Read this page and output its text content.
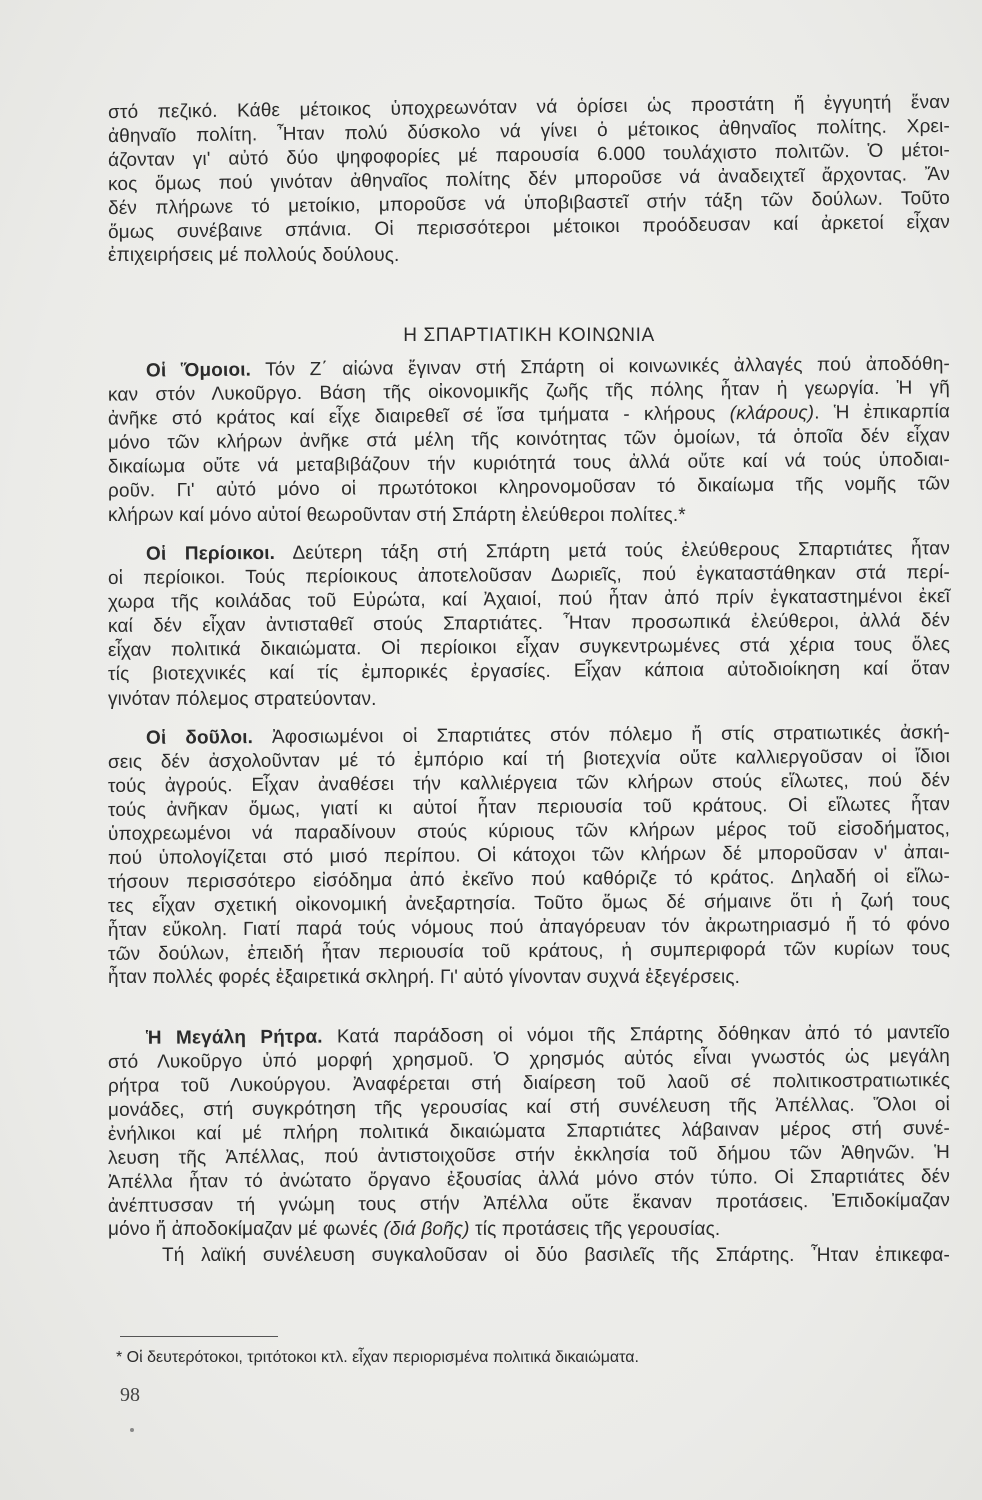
στό πεζικό. Κάθε μέτοικος ὑποχρεωνόταν νά ὁρίσει ὡς προστάτη ἤ ἐγγυητή ἕναν
ἀθηναῖο πολίτη. Ἦταν πολύ δύσκολο νά γίνει ὁ μέτοικος ἀθηναῖος πολίτης. Χρει-
άζονταν γι' αὐτό δύο ψηφοφορίες μέ παρουσία 6.000 τουλάχιστο πολιτῶν. Ὁ μέτοι-
κος ὅμως πού γινόταν ἀθηναῖος πολίτης δέν μποροῦσε νά ἀναδειχτεῖ ἄρχοντας. Ἄν
δέν πλήρωνε τό μετοίκιο, μποροῦσε νά ὑποβιβαστεῖ στήν τάξη τῶν δούλων. Τοῦτο
ὅμως συνέβαινε σπάνια. Οἱ περισσότεροι μέτοικοι προόδευσαν καί ἀρκετοί εἶχαν
ἐπιχειρήσεις μέ πολλούς δούλους.
Η ΣΠΑΡΤΙΑΤΙΚΗ ΚΟΙΝΩΝΙΑ
Οἱ Ὅμοιοι. Τόν Ζ΄ αἰώνα ἔγιναν στή Σπάρτη οἱ κοινωνικές ἀλλαγές πού ἀποδόθη-
καν στόν Λυκοῦργο. Βάση τῆς οἰκονομικῆς ζωῆς τῆς πόλης ἦταν ἡ γεωργία. Ἡ γῆ
ἀνῆκε στό κράτος καί εἶχε διαιρεθεῖ σέ ἴσα τμήματα - κλήρους (κλάρους). Ἡ ἐπικαρπία
μόνο τῶν κλήρων ἀνῆκε στά μέλη τῆς κοινότητας τῶν ὁμοίων, τά ὁποῖα δέν εἶχαν
δικαίωμα οὔτε νά μεταβιβάζουν τήν κυριότητά τους ἀλλά οὔτε καί νά τούς ὑποδιαι-
ροῦν. Γι' αὐτό μόνο οἱ πρωτότοκοι κληρονομοῦσαν τό δικαίωμα τῆς νομῆς τῶν
κλήρων καί μόνο αὐτοί θεωροῦνταν στή Σπάρτη ἐλεύθεροι πολίτες.*
Οἱ Περίοικοι. Δεύτερη τάξη στή Σπάρτη μετά τούς ἐλεύθερους Σπαρτιάτες ἦταν
οἱ περίοικοι. Τούς περίοικους ἀποτελοῦσαν Δωριεῖς, πού ἐγκαταστάθηκαν στά περί-
χωρα τῆς κοιλάδας τοῦ Εὐρώτα, καί Ἀχαιοί, πού ἦταν ἀπό πρίν ἐγκαταστημένοι ἐκεῖ
καί δέν εἶχαν ἀντισταθεῖ στούς Σπαρτιάτες. Ἦταν προσωπικά ἐλεύθεροι, ἀλλά δέν
εἶχαν πολιτικά δικαιώματα. Οἱ περίοικοι εἶχαν συγκεντρωμένες στά χέρια τους ὅλες
τίς βιοτεχνικές καί τίς ἐμπορικές ἐργασίες. Εἶχαν κάποια αὐτοδιοίκηση καί ὅταν
γινόταν πόλεμος στρατεύονταν.
Οἱ δοῦλοι. Ἀφοσιωμένοι οἱ Σπαρτιάτες στόν πόλεμο ἤ στίς στρατιωτικές ἀσκή-
σεις δέν ἀσχολοῦνταν μέ τό ἐμπόριο καί τή βιοτεχνία οὔτε καλλιεργοῦσαν οἱ ἴδιοι
τούς ἀγρούς. Εἶχαν ἀναθέσει τήν καλλιέργεια τῶν κλήρων στούς εἵλωτες, πού δέν
τούς ἀνῆκαν ὅμως, γιατί κι αὐτοί ἦταν περιουσία τοῦ κράτους. Οἱ εἵλωτες ἦταν
ὑποχρεωμένοι νά παραδίνουν στούς κύριους τῶν κλήρων μέρος τοῦ εἰσοδήματος,
πού ὑπολογίζεται στό μισό περίπου. Οἱ κάτοχοι τῶν κλήρων δέ μποροῦσαν ν' ἀπαι-
τήσουν περισσότερο εἰσόδημα ἀπό ἐκεῖνο πού καθόριζε τό κράτος. Δηλαδή οἱ εἵλω-
τες εἶχαν σχετική οἰκονομική ἀνεξαρτησία. Τοῦτο ὅμως δέ σήμαινε ὅτι ἡ ζωή τους
ἦταν εὔκολη. Γιατί παρά τούς νόμους πού ἀπαγόρευαν τόν ἀκρωτηριασμό ἤ τό φόνο
τῶν δούλων, ἐπειδή ἦταν περιουσία τοῦ κράτους, ἡ συμπεριφορά τῶν κυρίων τους
ἦταν πολλές φορές ἐξαιρετικά σκληρή. Γι' αὐτό γίνονταν συχνά ἐξεγέρσεις.
Ἡ Μεγάλη Ρήτρα. Κατά παράδοση οἱ νόμοι τῆς Σπάρτης δόθηκαν ἀπό τό μαντεῖο
στό Λυκοῦργο ὑπό μορφή χρησμοῦ. Ὁ χρησμός αὐτός εἶναι γνωστός ὡς μεγάλη
ρήτρα τοῦ Λυκούργου. Ἀναφέρεται στή διαίρεση τοῦ λαοῦ σέ πολιτικοστρατιωτικές
μονάδες, στή συγκρότηση τῆς γερουσίας καί στή συνέλευση τῆς Ἀπέλλας. Ὅλοι οἱ
ἐνήλικοι καί μέ πλήρη πολιτικά δικαιώματα Σπαρτιάτες λάβαιναν μέρος στή συνέ-
λευση τῆς Ἀπέλλας, πού ἀντιστοιχοῦσε στήν ἐκκλησία τοῦ δήμου τῶν Ἀθηνῶν. Ἡ
Ἀπέλλα ἦταν τό ἀνώτατο ὄργανο ἐξουσίας ἀλλά μόνο στόν τύπο. Οἱ Σπαρτιάτες δέν
ἀνέπτυσσαν τή γνώμη τους στήν Ἀπέλλα οὔτε ἔκαναν προτάσεις. Ἐπιδοκίμαζαν
μόνο ἤ ἀποδοκίμαζαν μέ φωνές (διά βοῆς) τίς προτάσεις τῆς γερουσίας.
Τή λαϊκή συνέλευση συγκαλοῦσαν οἱ δύο βασιλεῖς τῆς Σπάρτης. Ἦταν ἐπικεφα-
* Οἱ δευτερότοκοι, τριτότοκοι κτλ. εἶχαν περιορισμένα πολιτικά δικαιώματα.
98
